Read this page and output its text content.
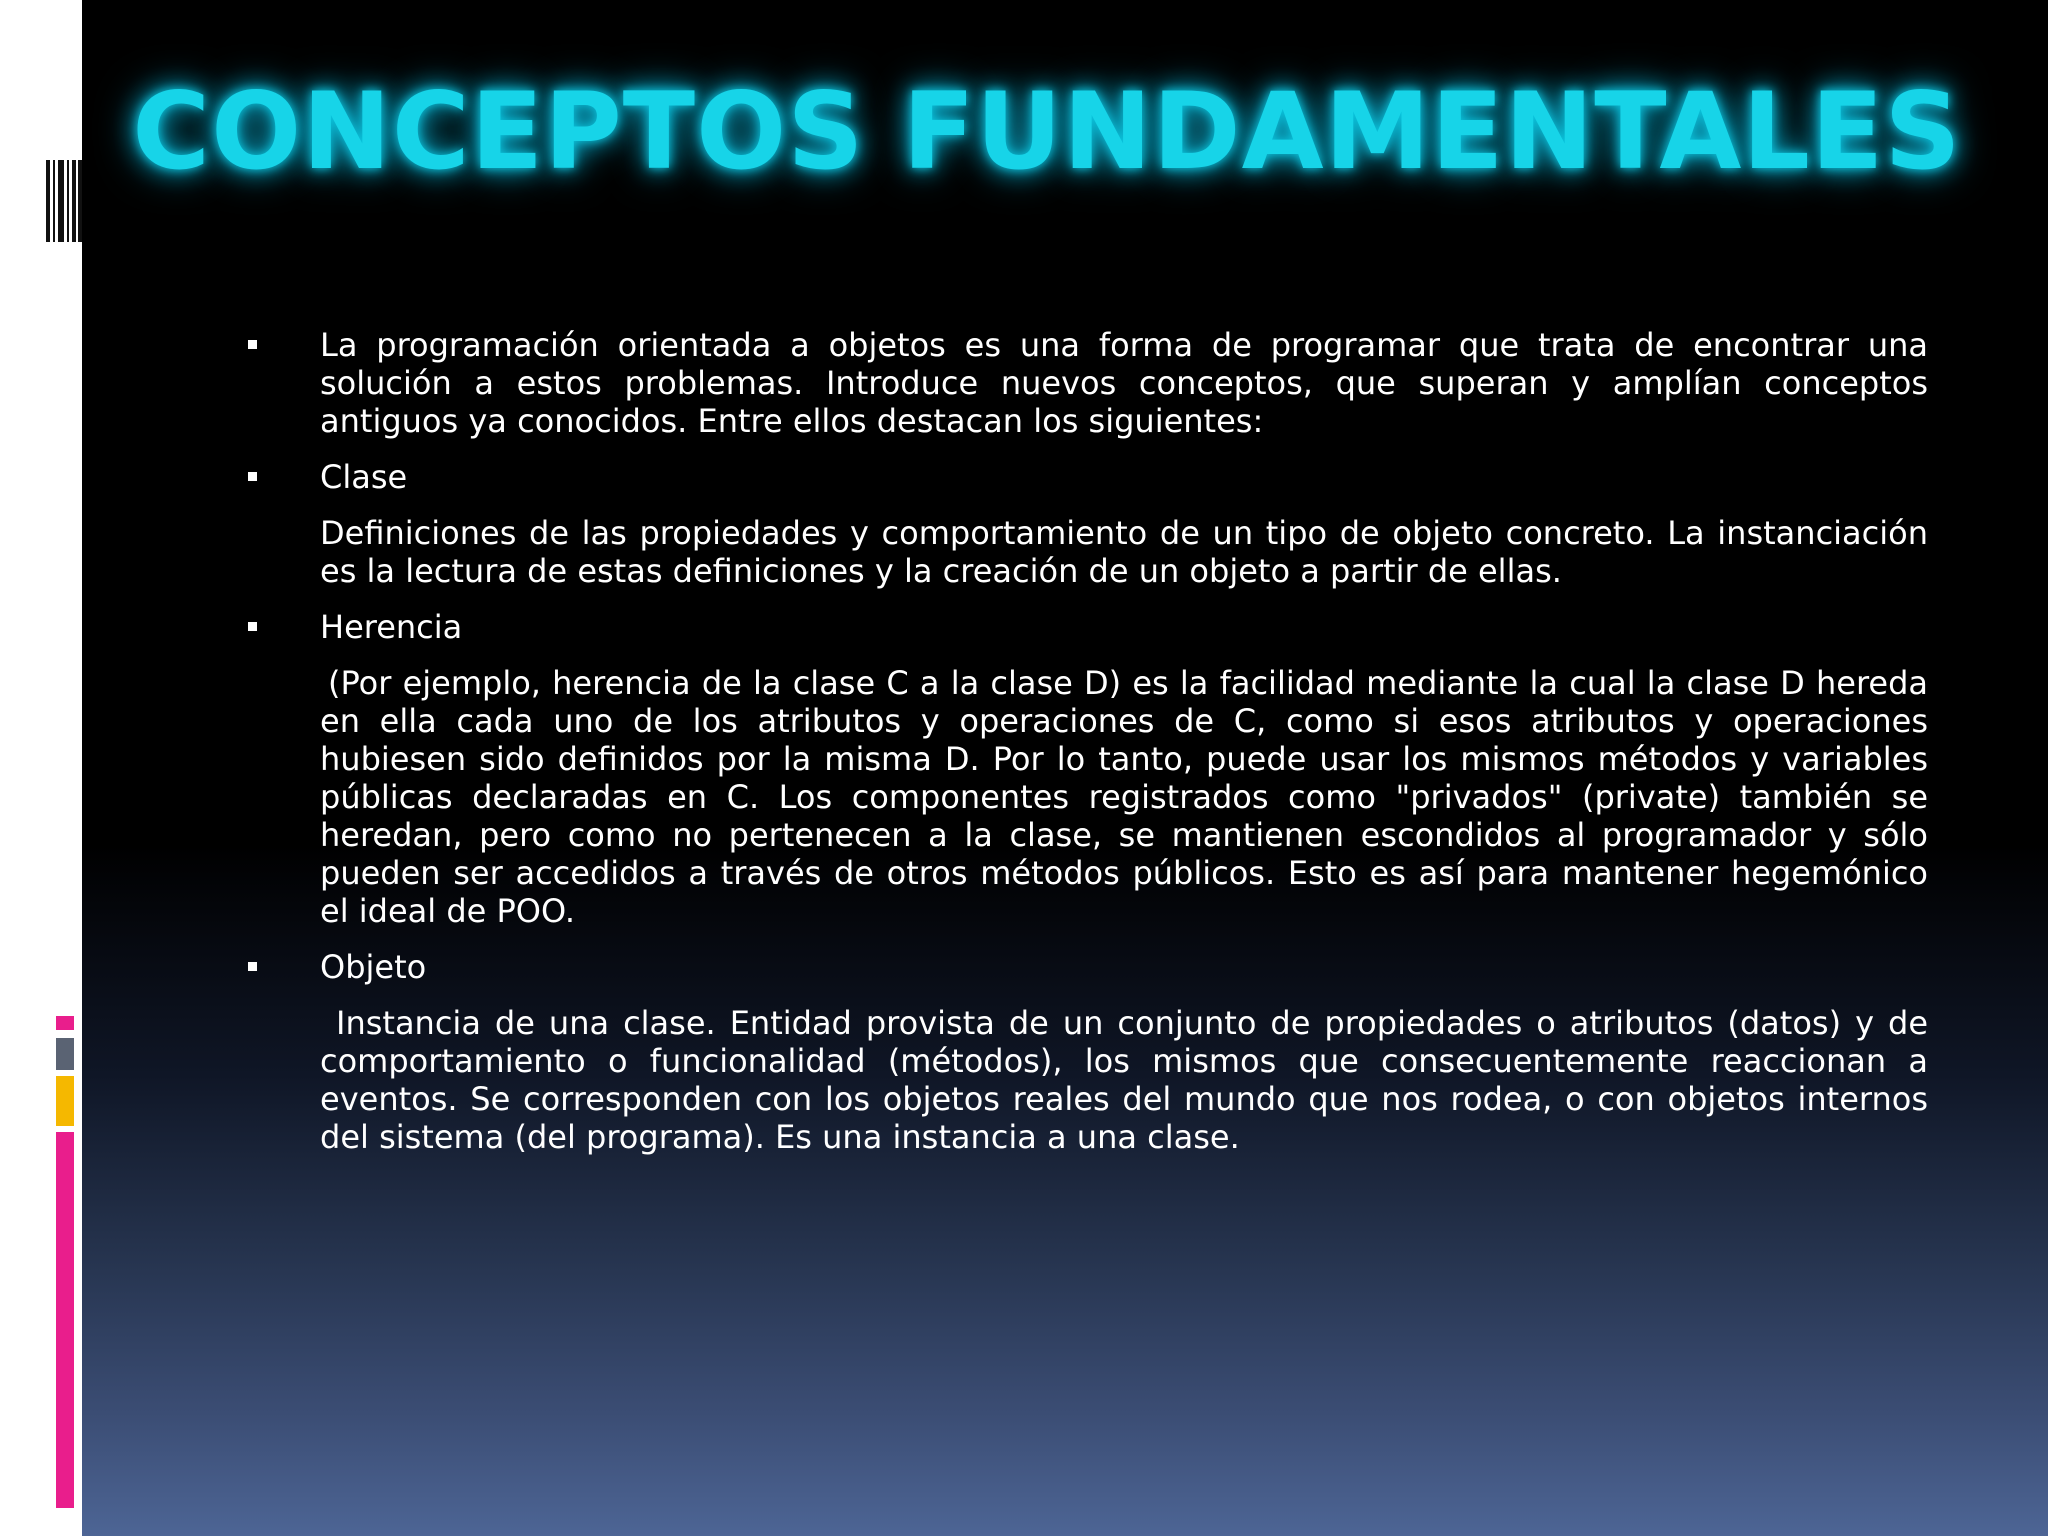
CONCEPTOS FUNDAMENTALES
La programación orientada a objetos es una forma de programar que trata de encontrar una solución a estos problemas. Introduce nuevos conceptos, que superan y amplían conceptos antiguos ya conocidos. Entre ellos destacan los siguientes:
Clase
Definiciones de las propiedades y comportamiento de un tipo de objeto concreto. La instanciación es la lectura de estas definiciones y la creación de un objeto a partir de ellas.
Herencia
(Por ejemplo, herencia de la clase C a la clase D) es la facilidad mediante la cual la clase D hereda en ella cada uno de los atributos y operaciones de C, como si esos atributos y operaciones hubiesen sido definidos por la misma D. Por lo tanto, puede usar los mismos métodos y variables públicas declaradas en C. Los componentes registrados como "privados" (private) también se heredan, pero como no pertenecen a la clase, se mantienen escondidos al programador y sólo pueden ser accedidos a través de otros métodos públicos. Esto es así para mantener hegemónico el ideal de POO.
Objeto
Instancia de una clase. Entidad provista de un conjunto de propiedades o atributos (datos) y de comportamiento o funcionalidad (métodos), los mismos que consecuentemente reaccionan a eventos. Se corresponden con los objetos reales del mundo que nos rodea, o con objetos internos del sistema (del programa). Es una instancia a una clase.
